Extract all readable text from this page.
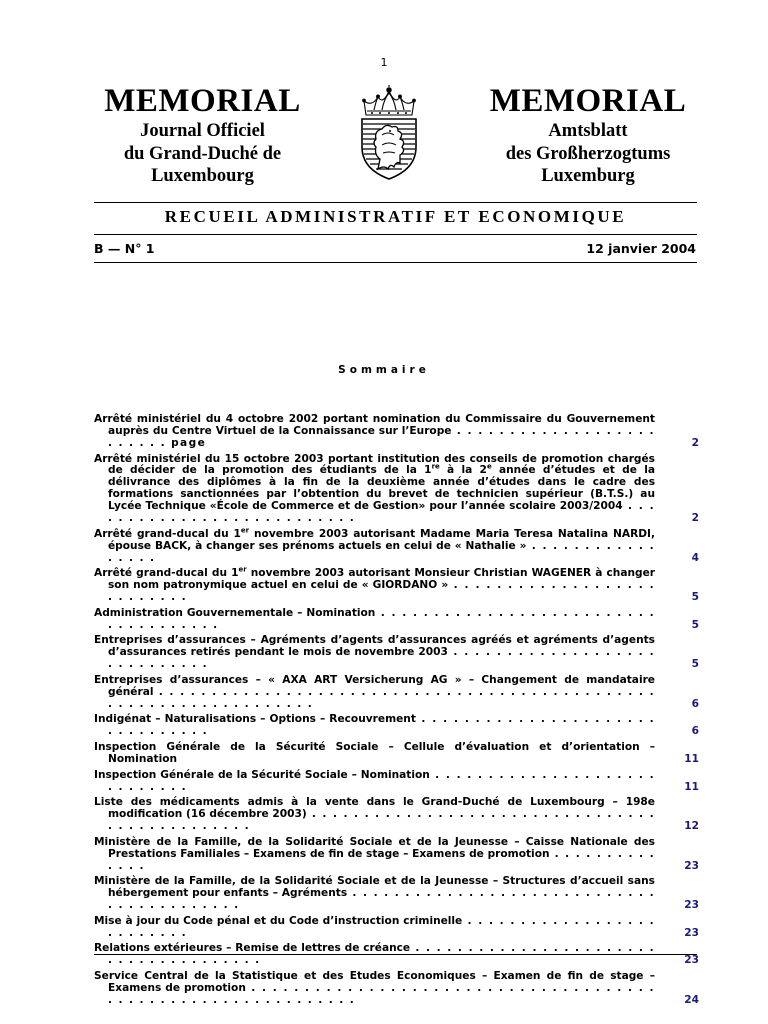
1
MEMORIAL
Journal Officiel
du Grand-Duché de
Luxembourg
MEMORIAL
Amtsblatt
des Großherzogtums
Luxemburg
RECUEIL ADMINISTRATIF ET ECONOMIQUE
B — N° 1	12 janvier 2004
Sommaire
Arrêté ministériel du 4 octobre 2002 portant nomination du Commissaire du Gouvernement auprès du Centre Virtuel de la Connaissance sur l’Europe . . . . . . . . . . . . . . . . . . . . . . . . . page	2
Arrêté ministériel du 15 octobre 2003 portant institution des conseils de promotion chargés de décider de la promotion des étudiants de la 1re à la 2e année d’études et de la délivrance des diplômes à la fin de la deuxième année d’études dans le cadre des formations sanctionnées par l’obtention du brevet de technicien supérieur (B.T.S.) au Lycée Technique «École de Commerce et de Gestion» pour l’année scolaire 2003/2004 . . . . . . . . . . . . . . . . . . . . . . . . . . .	2
Arrêté grand-ducal du 1er novembre 2003 autorisant Madame Maria Teresa Natalina NARDI, épouse BACK, à changer ses prénoms actuels en celui de « Nathalie » . . . . . . . . . . . . . . . . .	4
Arrêté grand-ducal du 1er novembre 2003 autorisant Monsieur Christian WAGENER à changer son nom patronymique actuel en celui de « GIORDANO » . . . . . . . . . . . . . . . . . . . . . . . . . . .	5
Administration Gouvernementale – Nomination . . . . . . . . . . . . . . . . . . . . . . . . . . . . . . . . . . . . .	5
Entreprises d’assurances – Agréments d’agents d’assurances agréés et agréments d’agents d’assurances retirés pendant le mois de novembre 2003 . . . . . . . . . . . . . . . . . . . . . . . . . . . . .	5
Entreprises d’assurances – « AXA ART Versicherung AG » – Changement de mandataire général . . . . . . . . . . . . . . . . . . . . . . . . . . . . . . . . . . . . . . . . . . . . . . . . . . . . . . . . . . . . . . . . . . .	6
Indigénat – Naturalisations – Options – Recouvrement . . . . . . . . . . . . . . . . . . . . . . . . . . . . . . . .	6
Inspection Générale de la Sécurité Sociale – Cellule d’évaluation et d’orientation – Nomination	11
Inspection Générale de la Sécurité Sociale – Nomination . . . . . . . . . . . . . . . . . . . . . . . . . . . . .	11
Liste des médicaments admis à la vente dans le Grand-Duché de Luxembourg – 198e modification (16 décembre 2003) . . . . . . . . . . . . . . . . . . . . . . . . . . . . . . . . . . . . . . . . . . . . . . .	12
Ministère de la Famille, de la Solidarité Sociale et de la Jeunesse – Caisse Nationale des Prestations Familiales – Examens de fin de stage – Examens de promotion . . . . . . . . . . . . . .	23
Ministère de la Famille, de la Solidarité Sociale et de la Jeunesse – Structures d’accueil sans hébergement pour enfants – Agréments . . . . . . . . . . . . . . . . . . . . . . . . . . . . . . . . . . . . . . . . . .	23
Mise à jour du Code pénal et du Code d’instruction criminelle . . . . . . . . . . . . . . . . . . . . . . . . . .	23
Relations extérieures – Remise de lettres de créance . . . . . . . . . . . . . . . . . . . . . . . . . . . . . . . . . . . . . .	23
Service Central de la Statistique et des Etudes Economiques – Examen de fin de stage – Examens de promotion . . . . . . . . . . . . . . . . . . . . . . . . . . . . . . . . . . . . . . . . . . . . . . . . . . . . . . . . . . . . . .	24
